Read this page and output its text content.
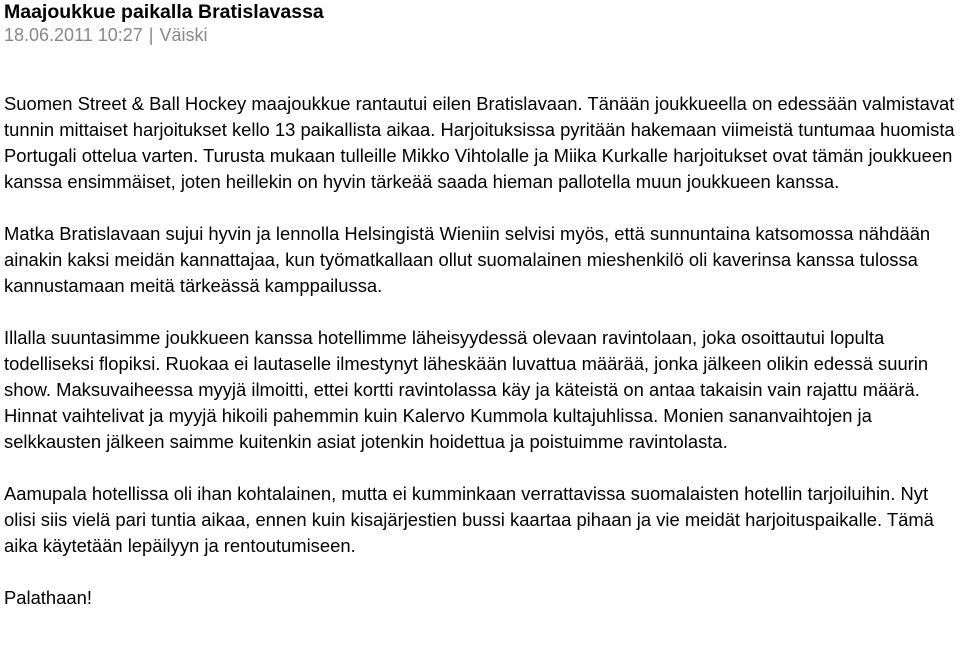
Maajoukkue paikalla Bratislavassa
18.06.2011 10:27 | Väiski

Suomen Street & Ball Hockey maajoukkue rantautui eilen Bratislavaan. Tänään joukkueella on edessään valmistavat tunnin mittaiset harjoitukset kello 13 paikallista aikaa. Harjoituksissa pyritään hakemaan viimeistä tuntumaa huomista Portugali ottelua varten. Turusta mukaan tulleille Mikko Vihtolalle ja Miika Kurkalle harjoitukset ovat tämän joukkueen kanssa ensimmäiset, joten heillekin on hyvin tärkeää saada hieman pallotella muun joukkueen kanssa.

Matka Bratislavaan sujui hyvin ja lennolla Helsingistä Wieniin selvisi myös, että sunnuntaina katsomossa nähdään ainakin kaksi meidän kannattajaa, kun työmatkallaan ollut suomalainen mieshenkilö oli kaverinsa kanssa tulossa kannustamaan meitä tärkeässä kamppailussa.

Illalla suuntasimme joukkueen kanssa hotellimme läheisyydessä olevaan ravintolaan, joka osoittautui lopulta todelliseksi flopiksi. Ruokaa ei lautaselle ilmestynyt läheskään luvattua määrää, jonka jälkeen olikin edessä suurin show. Maksuvaiheessa myyjä ilmoitti, ettei kortti ravintolassa käy ja käteistä on antaa takaisin vain rajattu määrä. Hinnat vaihtelivat ja myyjä hikoili pahemmin kuin Kalervo Kummola kultajuhlissa. Monien sananvaihtojen ja selkkausten jälkeen saimme kuitenkin asiat jotenkin hoidettua ja poistuimme ravintolasta.

Aamupala hotellissa oli ihan kohtalainen, mutta ei kumminkaan verrattavissa suomalaisten hotellin tarjoiluihin. Nyt olisi siis vielä pari tuntia aikaa, ennen kuin kisajärjestien bussi kaartaa pihaan ja vie meidät harjoituspaikalle. Tämä aika käytetään lepäilyyn ja rentoutumiseen.

Palathaan!
